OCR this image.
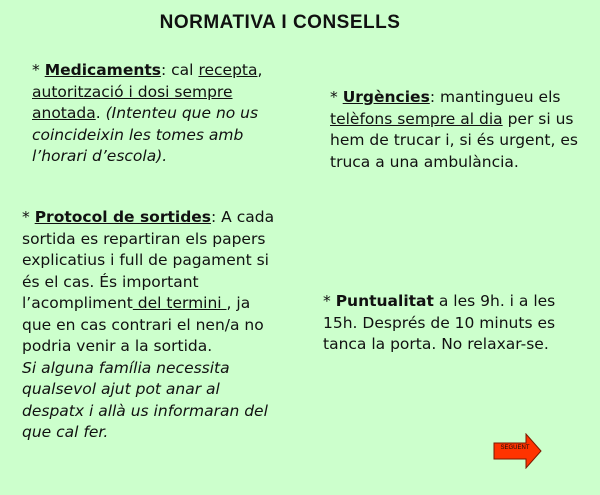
NORMATIVA I CONSELLS
* Medicaments: cal recepta, autorització i dosi sempre anotada. (Intenteu que no us coincideixin les tomes amb l’horari d’escola).
* Urgències: mantingueu els telèfons sempre al dia per si us hem de trucar i, si és urgent, es truca a una ambulància.
* Protocol de sortides: A cada sortida es repartiran els papers explicatius i full de pagament si és el cas. És important l’acompliment del termini , ja que en cas contrari el nen/a no podria venir a la sortida.
Si alguna família necessita qualsevol ajut pot anar al despatx i allà us informaran del que cal fer.
* Puntualitat a les 9h. i a les 15h. Després de 10 minuts es tanca la porta. No relaxar-se.
SEGUENT
